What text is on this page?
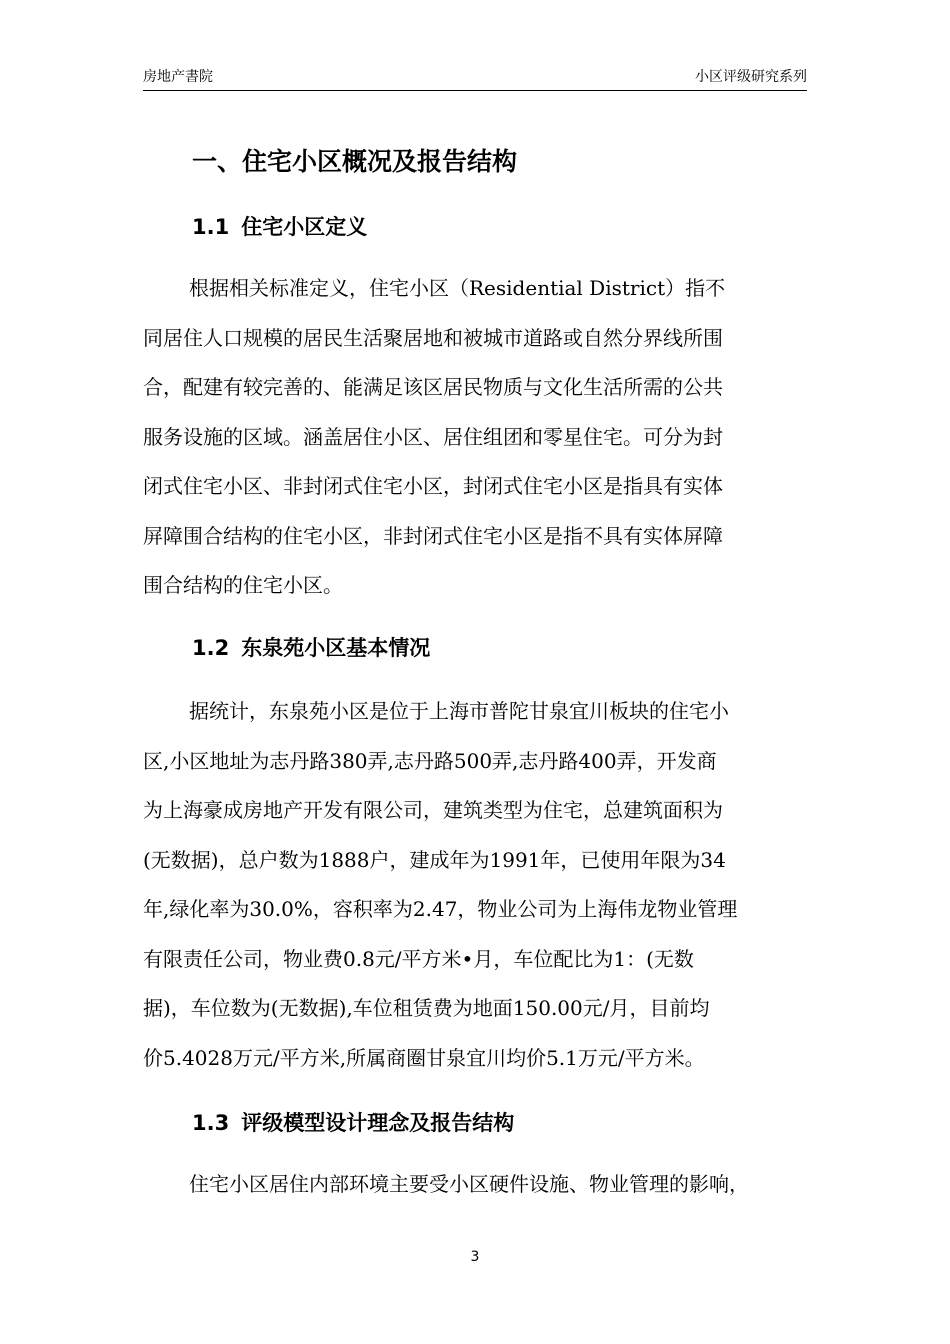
房地产書院	小区评级研究系列
一、住宅小区概况及报告结构
1.1 住宅小区定义
根据相关标准定义，住宅小区（Residential District）指不
同居住人口规模的居民生活聚居地和被城市道路或自然分界线所围
合，配建有较完善的、能满足该区居民物质与文化生活所需的公共
服务设施的区域。涵盖居住小区、居住组团和零星住宅。可分为封
闭式住宅小区、非封闭式住宅小区，封闭式住宅小区是指具有实体
屏障围合结构的住宅小区，非封闭式住宅小区是指不具有实体屏障
围合结构的住宅小区。
1.2 东泉苑小区基本情况
据统计，东泉苑小区是位于上海市普陀甘泉宜川板块的住宅小
区,小区地址为志丹路380弄,志丹路500弄,志丹路400弄，开发商
为上海豪成房地产开发有限公司，建筑类型为住宅，总建筑面积为
(无数据)，总户数为1888户，建成年为1991年，已使用年限为34
年,绿化率为30.0%，容积率为2.47，物业公司为上海伟龙物业管理
有限责任公司，物业费0.8元/平方米•月，车位配比为1：(无数
据)，车位数为(无数据),车位租赁费为地面150.00元/月，目前均
价5.4028万元/平方米,所属商圈甘泉宜川均价5.1万元/平方米。
1.3 评级模型设计理念及报告结构
住宅小区居住内部环境主要受小区硬件设施、物业管理的影响，
3
